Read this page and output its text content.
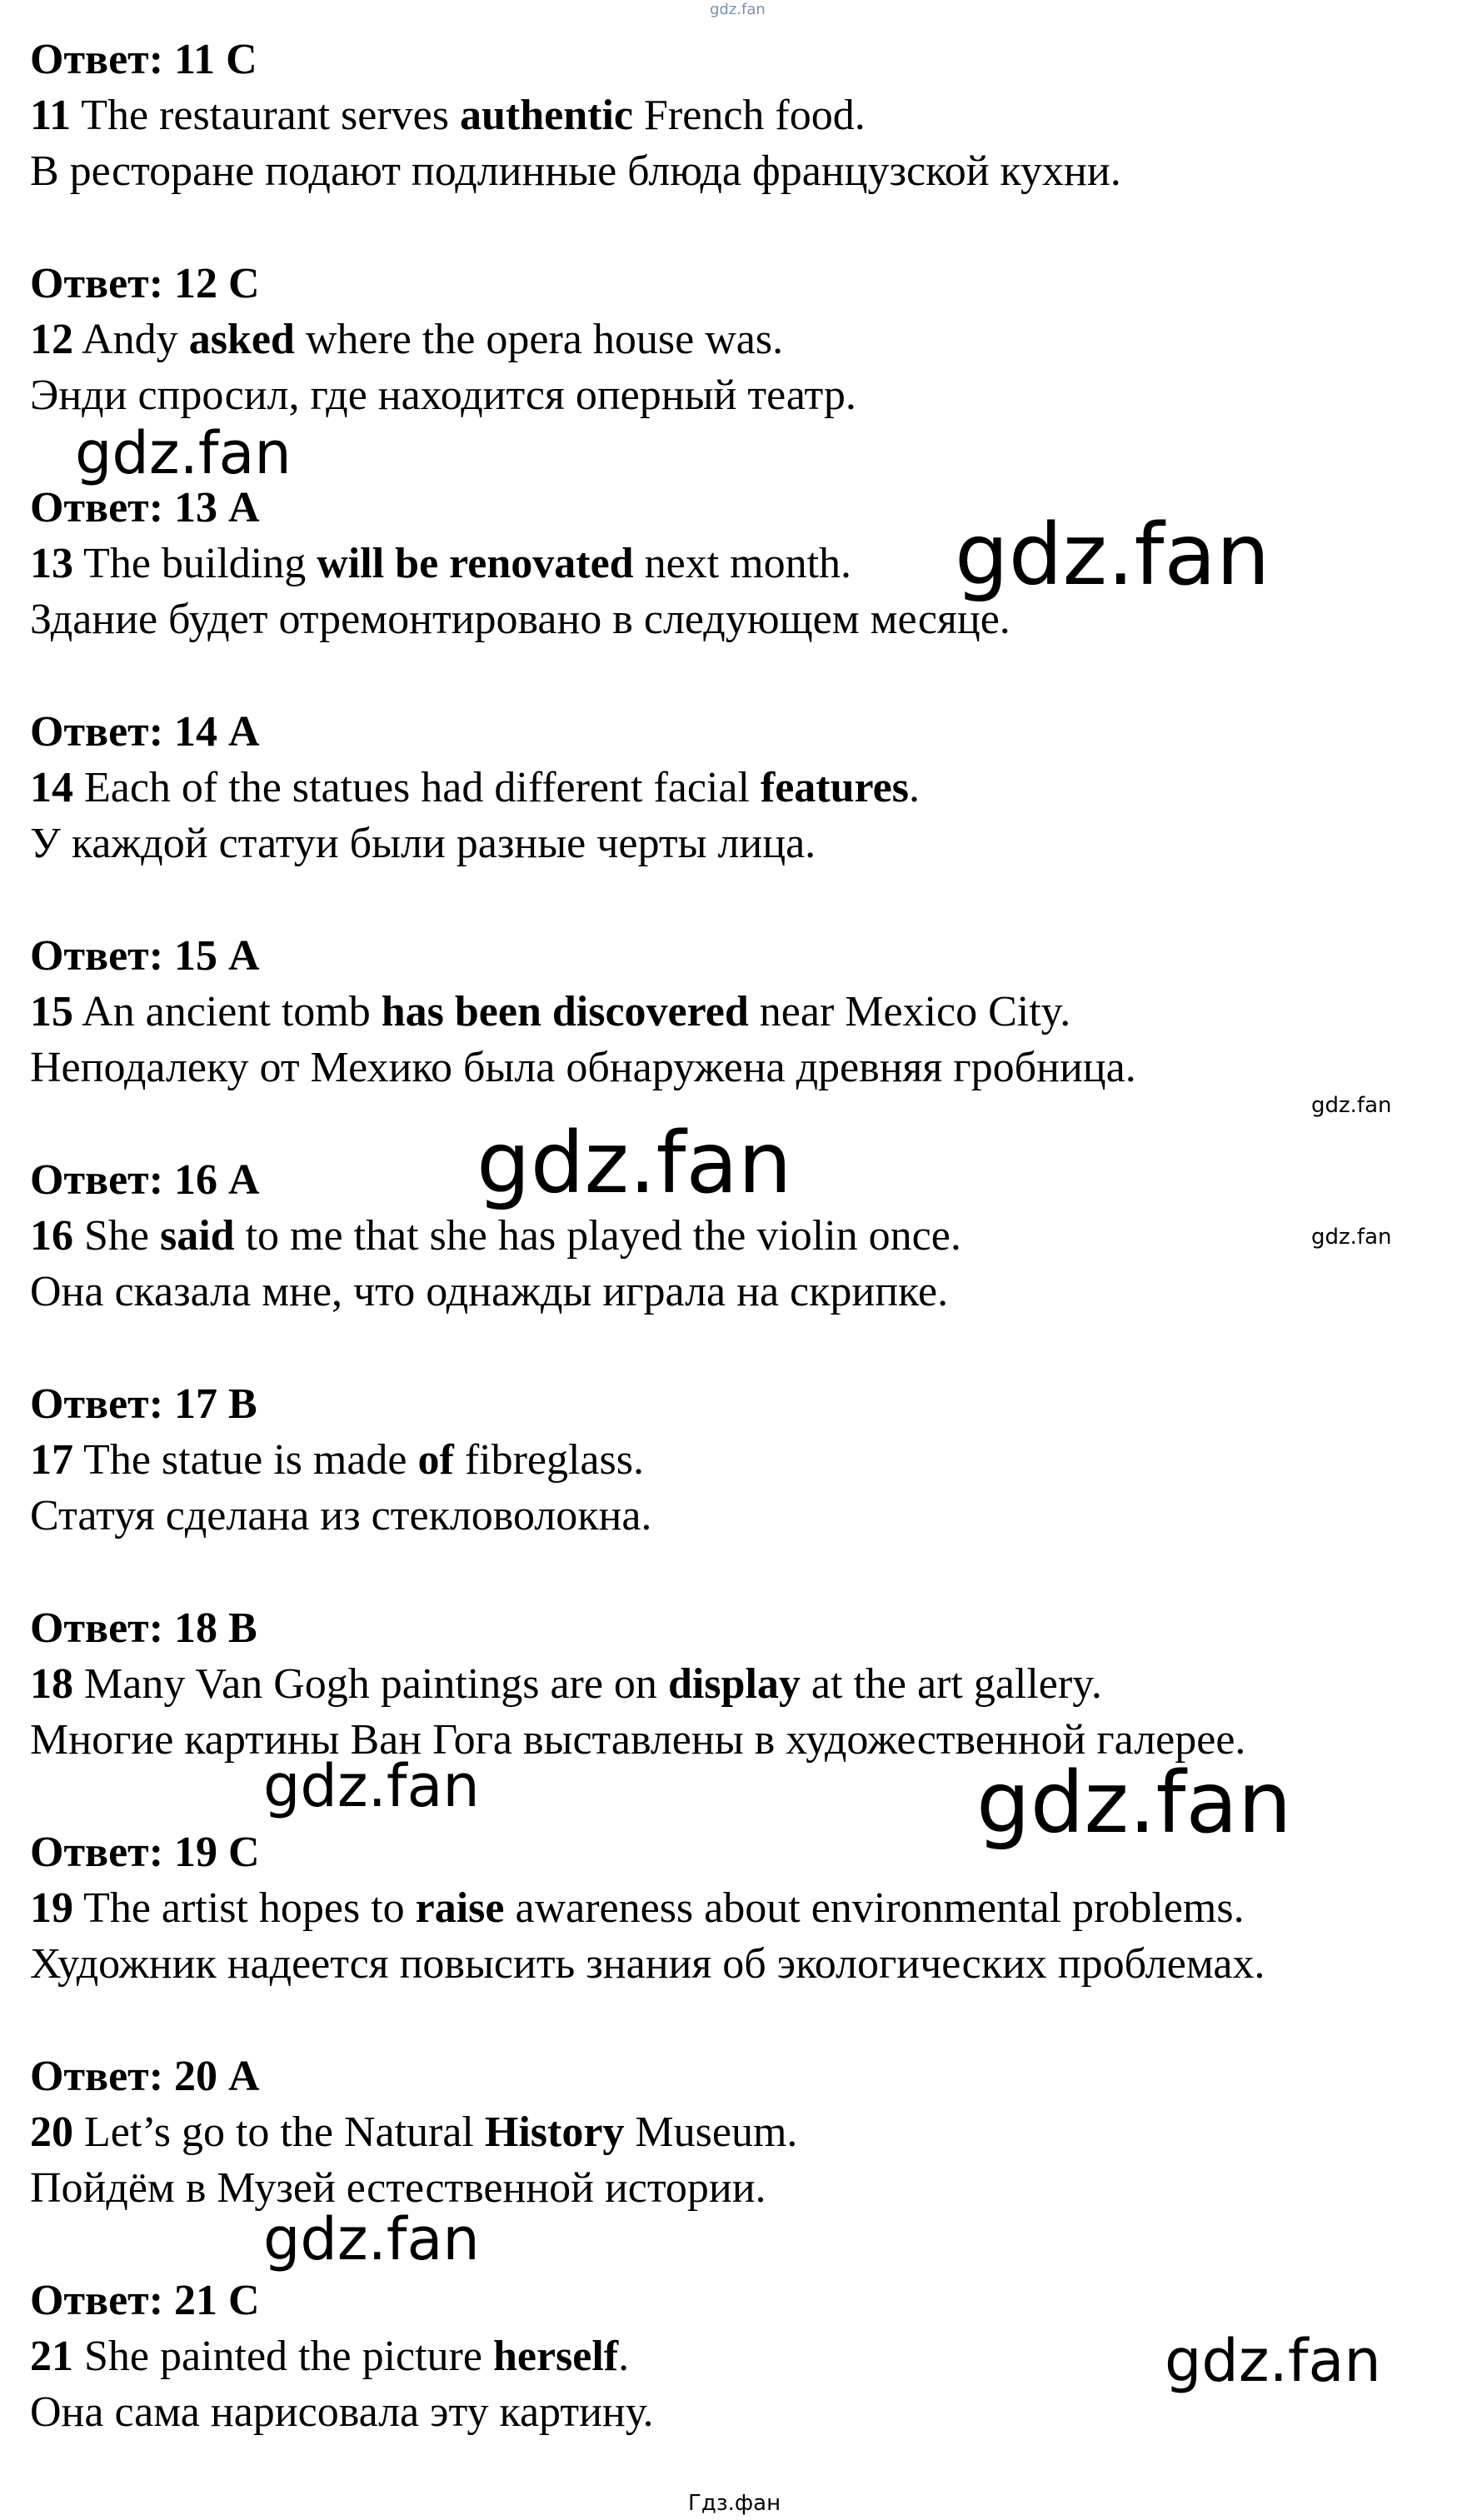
gdz.fan
Ответ: 11 C
11 The restaurant serves authentic French food.
В ресторане подают подлинные блюда французской кухни.
Ответ: 12 C
12 Andy asked where the opera house was.
Энди спросил, где находится оперный театр.
Ответ: 13 A
13 The building will be renovated next month.
Здание будет отремонтировано в следующем месяце.
Ответ: 14 A
14 Each of the statues had different facial features.
У каждой статуи были разные черты лица.
Ответ: 15 A
15 An ancient tomb has been discovered near Mexico City.
Неподалеку от Мехико была обнаружена древняя гробница.
Ответ: 16 A
16 She said to me that she has played the violin once.
Она сказала мне, что однажды играла на скрипке.
Ответ: 17 B
17 The statue is made of fibreglass.
Статуя сделана из стекловолокна.
Ответ: 18 B
18 Many Van Gogh paintings are on display at the art gallery.
Многие картины Ван Гога выставлены в художественной галерее.
Ответ: 19 C
19 The artist hopes to raise awareness about environmental problems.
Художник надеется повысить знания об экологических проблемах.
Ответ: 20 A
20 Let’s go to the Natural History Museum.
Пойдём в Музей естественной истории.
Ответ: 21 C
21 She painted the picture herself.
Она сама нарисовала эту картину.
gdz.fan
gdz.fan
gdz.fan
gdz.fan
gdz.fan
gdz.fan	gdz.fan
gdz.fan
gdz.fan
Гдз.фан
